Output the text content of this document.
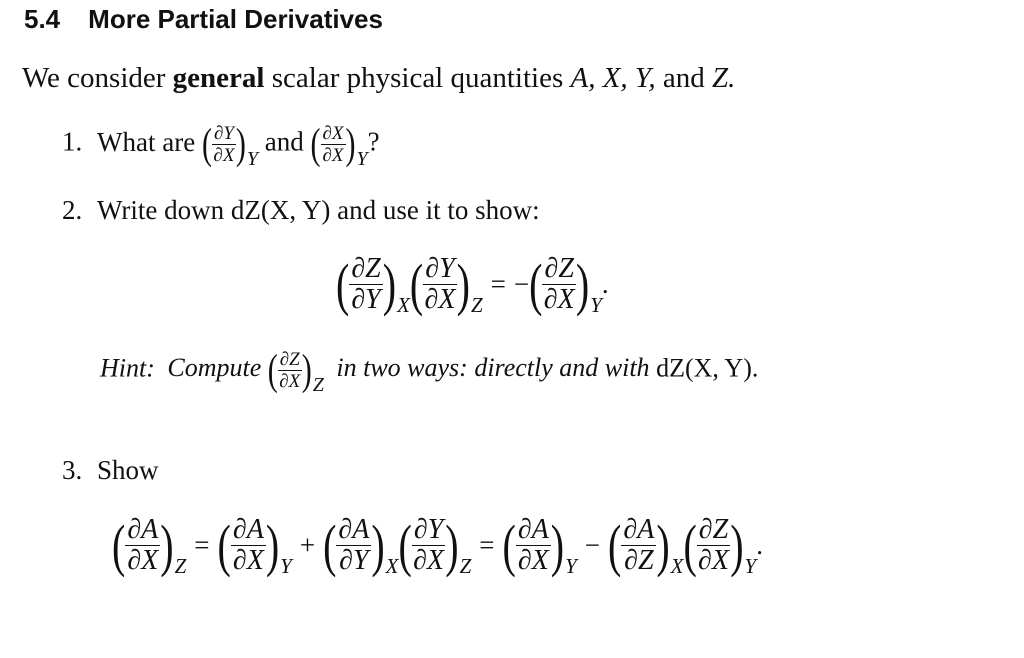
5.4 More Partial Derivatives
We consider general scalar physical quantities A, X, Y, and Z.
1. What are ( $\frac{\partial Y}{\partial X}$ ) Y
and ( $\frac{\partial X}{\partial X}$ ) Y
?
2. Write down dZ(X, Y) and use it to show:
( $\frac{\partial Z}{\partial Y}$ ) X ( $\frac{\partial Y}{\partial X}$ ) Z
= − ( $\frac{\partial Z}{\partial X}$ ) Y
.
Hint: Compute ( $\frac{\partial Z}{\partial X}$ ) Z
in two ways: directly and with dZ(X, Y).
3. Show
( $\frac{\partial A}{\partial X}$ ) Z
= ( $\frac{\partial A}{\partial X}$ ) Y
+ ( $\frac{\partial A}{\partial Y}$ ) X ( $\frac{\partial Y}{\partial X}$ ) Z
= ( $\frac{\partial A}{\partial X}$ ) Y
− ( $\frac{\partial A}{\partial Z}$ ) X ( $\frac{\partial Z}{\partial X}$ ) Y
.
